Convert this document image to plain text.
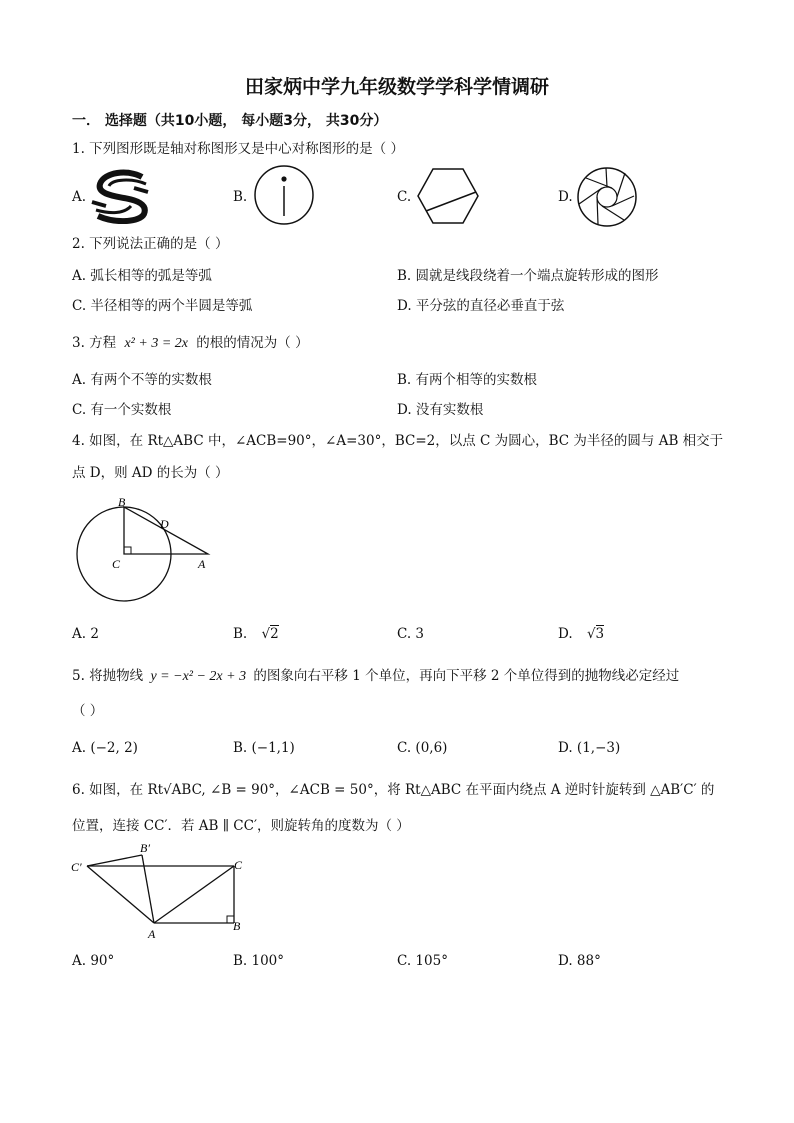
田家炳中学九年级数学学科学情调研
一． 选择题（共10小题， 每小题3分， 共30分）
1. 下列图形既是轴对称图形又是中心对称图形的是（ ）
A.	B.	C.	D.
2. 下列说法正确的是（ ）
A. 弧长相等的弧是等弧	B. 圆就是线段绕着一个端点旋转形成的图形
C. 半径相等的两个半圆是等弧	D. 平分弦的直径必垂直于弦
3. 方程 x² + 3 = 2x 的根的情况为（ ）
A. 有两个不等的实数根	B. 有两个相等的实数根
C. 有一个实数根	D. 没有实数根
4. 如图，在 Rt△ABC 中，∠ACB=90°，∠A=30°，BC=2，以点 C 为圆心，BC 为半径的圆与 AB 相交于
点 D，则 AD 的长为（ ）
B
D
C	A
A. 2	B. √2	C. 3	D. √3
5. 将抛物线 y = −x² − 2x + 3 的图象向右平移 1 个单位，再向下平移 2 个单位得到的抛物线必定经过
（ ）
A. (−2, 2)	B. (−1,1)	C. (0,6)	D. (1,−3)
6. 如图，在 Rt√ABC, ∠B = 90°，∠ACB = 50°，将 Rt△ABC 在平面内绕点 A 逆时针旋转到 △AB′C′ 的
位置，连接 CC′．若 AB ∥ CC′，则旋转角的度数为（ ）
C′
B′
C
A
B
A. 90°	B. 100°	C. 105°	D. 88°
